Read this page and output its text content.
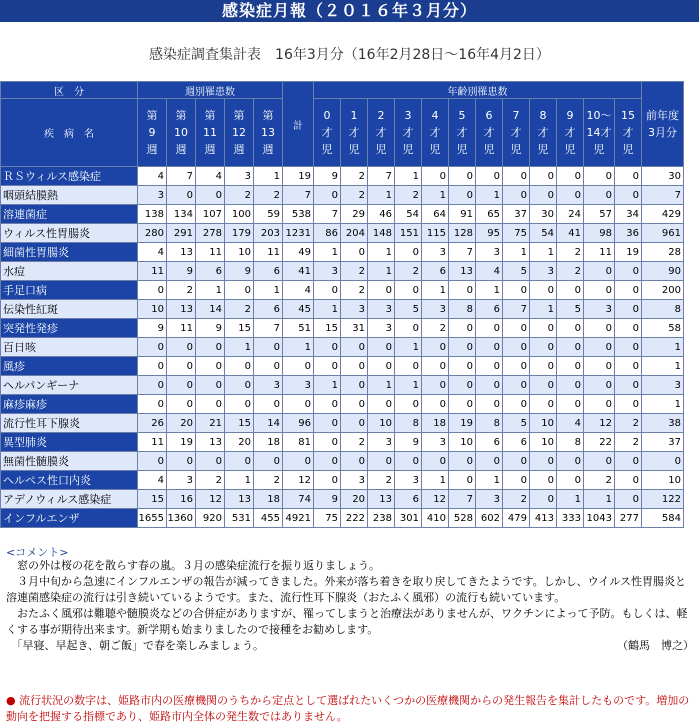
感染症月報（２０１６年３月分）
感染症調査集計表　16年3月分（16年2月28日～16年4月2日）
区　分	週別罹患数					計	年齢別罹患数												前年度
3月分

疾　病　名	第
9
週	第
10
週	第
11
週	第
12
週	第
13
週		0
才
児	1
才
児	2
才
児	3
才
児	4
才
児	5
才
児	6
才
児	7
才
児	8
才
児	9
才
児	10～
14才
児	15
才
児	

ＲＳウィルス感染症	4	7	4	3	1	19	9	2	7	1	0	0	0	0	0	0	0	0	30
咽頭結膜熱	3	0	0	2	2	7	0	2	1	2	1	0	1	0	0	0	0	0	7
溶連菌症	138	134	107	100	59	538	7	29	46	54	64	91	65	37	30	24	57	34	429
ウィルス性胃腸炎	280	291	278	179	203	1231	86	204	148	151	115	128	95	75	54	41	98	36	961
細菌性胃腸炎	4	13	11	10	11	49	1	0	1	0	3	7	3	1	1	2	11	19	28
水痘	11	9	6	9	6	41	3	2	1	2	6	13	4	5	3	2	0	0	90
手足口病	0	2	1	0	1	4	0	2	0	0	1	0	1	0	0	0	0	0	200
伝染性紅斑	10	13	14	2	6	45	1	3	3	5	3	8	6	7	1	5	3	0	8
突発性発疹	9	11	9	15	7	51	15	31	3	0	2	0	0	0	0	0	0	0	58
百日咳	0	0	0	1	0	1	0	0	0	1	0	0	0	0	0	0	0	0	1
風疹	0	0	0	0	0	0	0	0	0	0	0	0	0	0	0	0	0	0	1
ヘルパンギーナ	0	0	0	0	3	3	1	0	1	1	0	0	0	0	0	0	0	0	3
麻疹麻疹	0	0	0	0	0	0	0	0	0	0	0	0	0	0	0	0	0	0	1
流行性耳下腺炎	26	20	21	15	14	96	0	0	10	8	18	19	8	5	10	4	12	2	38
異型肺炎	11	19	13	20	18	81	0	2	3	9	3	10	6	6	10	8	22	2	37
無菌性髄膜炎	0	0	0	0	0	0	0	0	0	0	0	0	0	0	0	0	0	0	0
ヘルペス性口内炎	4	3	2	1	2	12	0	3	2	3	1	0	1	0	0	0	2	0	10
アデノウィルス感染症	15	16	12	13	18	74	9	20	13	6	12	7	3	2	0	1	1	0	122
インフルエンザ	1655	1360	920	531	455	4921	75	222	238	301	410	528	602	479	413	333	1043	277	584
<コメント>

　窓の外は桜の花を散らす春の嵐。３月の感染症流行を振り返りましょう。

　３月中旬から急速にインフルエンザの報告が減ってきました。外来が落ち着きを取り戻してきたようです。しかし、ウイルス性胃腸炎と溶連菌感染症の流行は引き続いているようです。また、流行性耳下腺炎（おたふく風邪）の流行も続いています。

　おたふく風邪は難聴や髄膜炎などの合併症がありますが、罹ってしまうと治療法がありませんが、ワクチンによって予防。もしくは、軽くする事が期待出来ます。新学期も始まりましたので接種をお勧めします。

　「早寝、早起き、朝ご飯」で春を楽しみましょう。	（鶴馬　博之）

● 流行状況の数字は、姫路市内の医療機関のうちから定点として選ばれたいくつかの医療機関からの発生報告を集計したものです。増加の動向を把握する指標であり、姫路市内全体の発生数ではありません。
